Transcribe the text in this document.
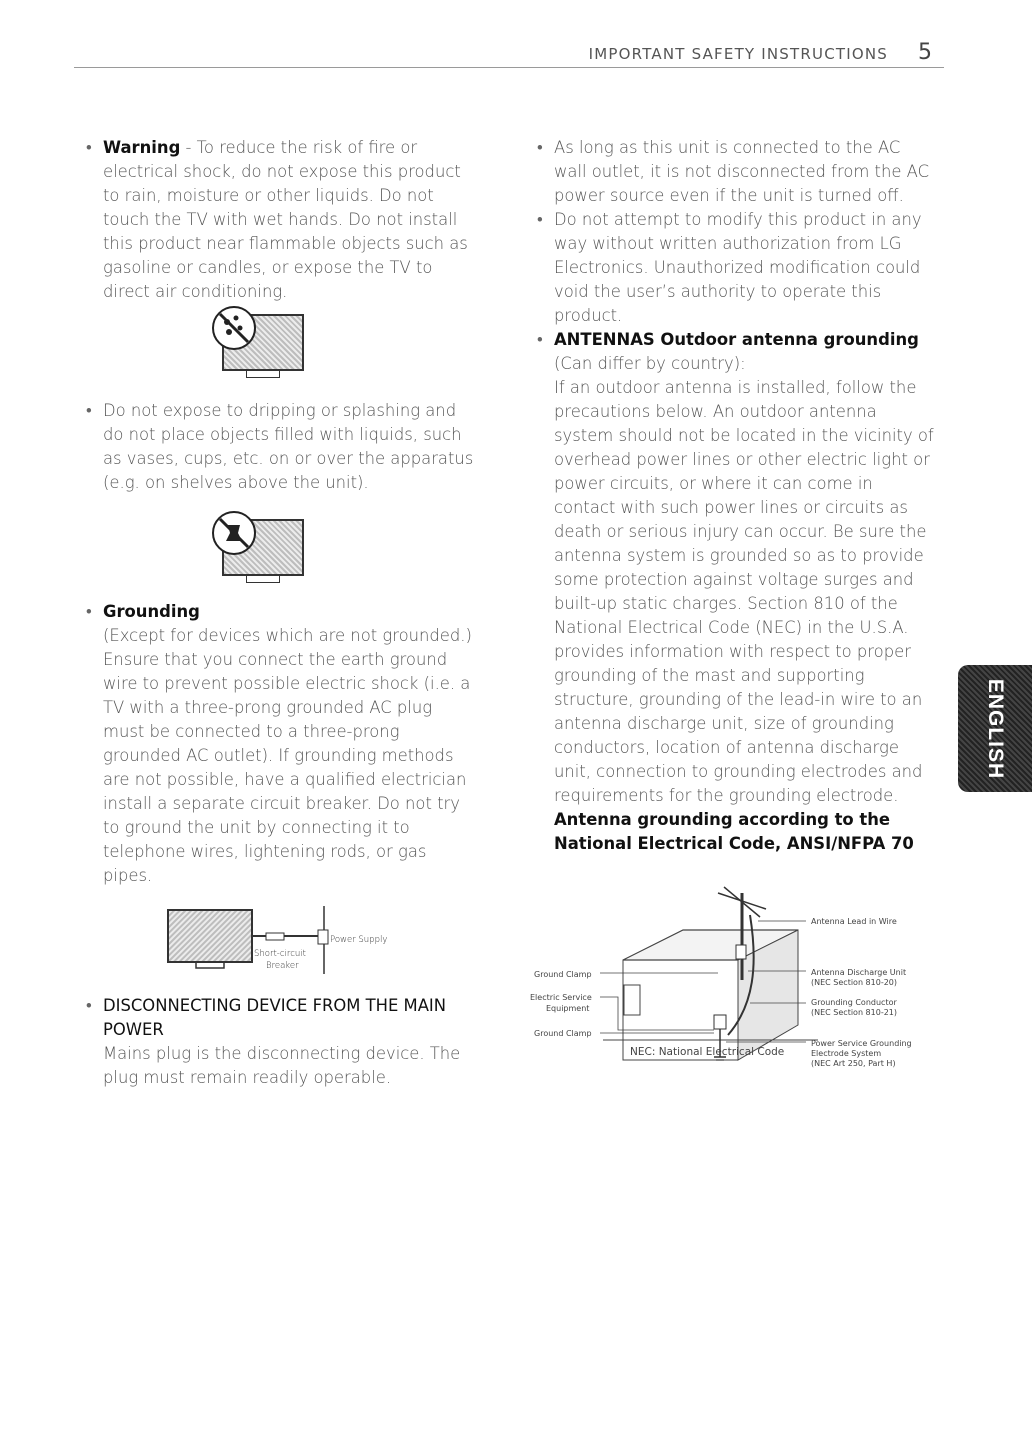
IMPORTANT SAFETY INSTRUCTIONS 5
• Warning - To reduce the risk of fire or electrical shock, do not expose this product to rain, moisture or other liquids. Do not touch the TV with wet hands. Do not install this product near flammable objects such as gasoline or candles, or expose the TV to direct air conditioning.

• Do not expose to dripping or splashing and do not place objects filled with liquids, such as vases, cups, etc. on or over the apparatus (e.g. on shelves above the unit).

• Grounding

(Except for devices which are not grounded.) Ensure that you connect the earth ground wire to prevent possible electric shock (i.e. a TV with a three-prong grounded AC plug must be connected to a three-prong grounded AC outlet). If grounding methods are not possible, have a qualified electrician install a separate circuit breaker. Do not try to ground the unit by connecting it to telephone wires, lightening rods, or gas pipes.

Power Supply
Short-circuit
Breaker
• DISCONNECTING DEVICE FROM THE MAIN POWER

Mains plug is the disconnecting device. The plug must remain readily operable.

• As long as this unit is connected to the AC wall outlet, it is not disconnected from the AC power source even if the unit is turned off.

• Do not attempt to modify this product in any way without written authorization from LG Electronics. Unauthorized modification could void the user’s authority to operate this product.

• ANTENNAS Outdoor antenna grounding

(Can differ by country):

If an outdoor antenna is installed, follow the precautions below. An outdoor antenna system should not be located in the vicinity of overhead power lines or other electric light or power circuits, or where it can come in contact with such power lines or circuits as death or serious injury can occur. Be sure the antenna system is grounded so as to provide some protection against voltage surges and built-up static charges. Section 810 of the National Electrical Code (NEC) in the U.S.A. provides information with respect to proper grounding of the mast and supporting structure, grounding of the lead-in wire to an antenna discharge unit, size of grounding conductors, location of antenna discharge unit, connection to grounding electrodes and requirements for the grounding electrode.

Antenna grounding according to the National Electrical Code, ANSI/NFPA 70

Antenna Lead in Wire
Antenna Discharge Unit
(NEC Section 810-20)
Grounding Conductor
(NEC Section 810-21)
Power Service Grounding
Electrode System
(NEC Art 250, Part H)
Ground Clamp
Electric Service
Equipment
Ground Clamp
NEC: National Electrical Code
ENGLISH
